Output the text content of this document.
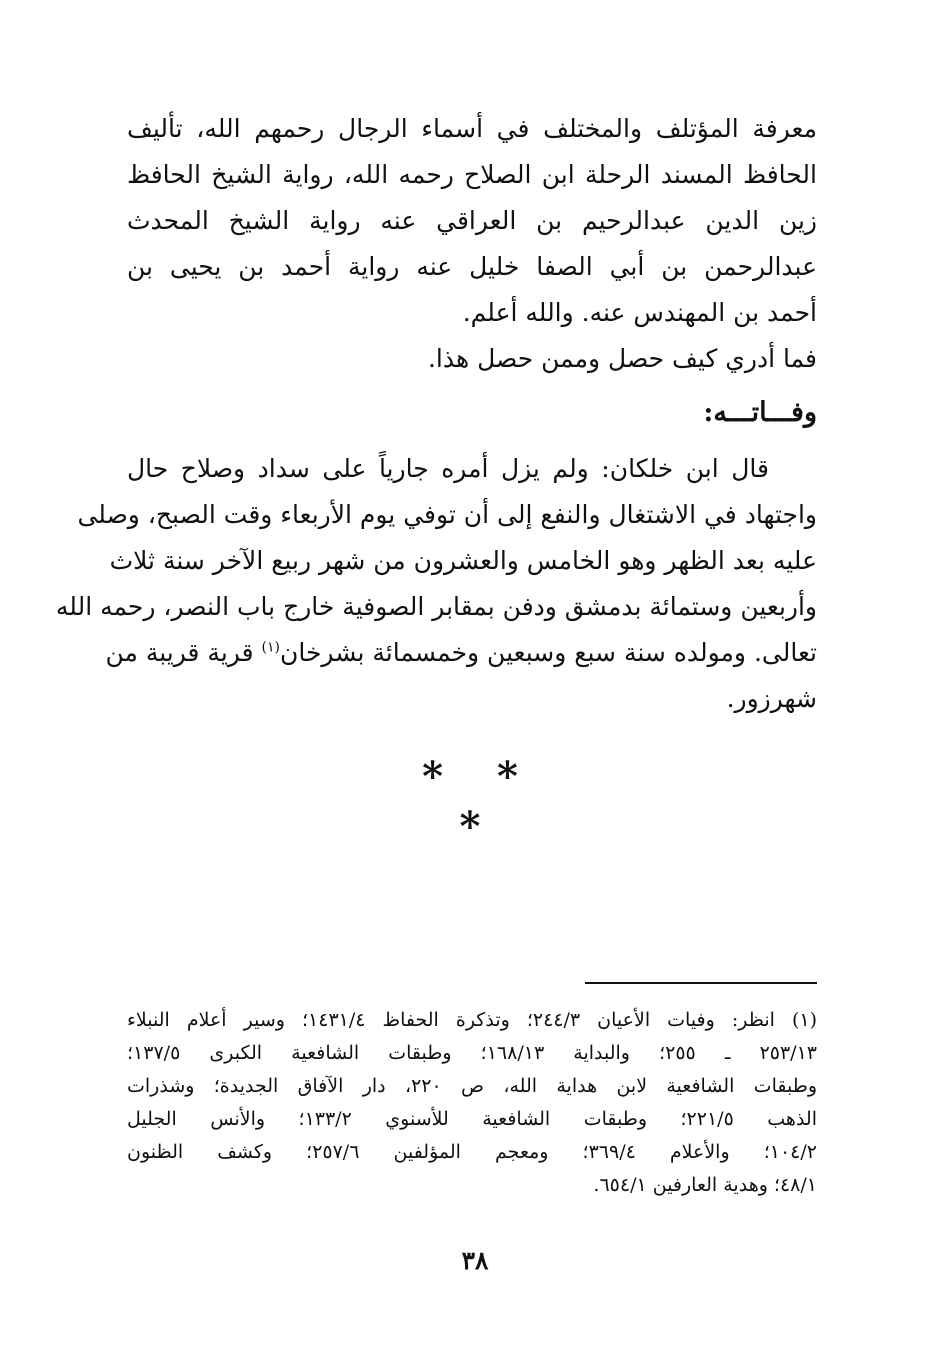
معرفة المؤتلف والمختلف في أسماء الرجال رحمهم الله، تأليف
الحافظ المسند الرحلة ابن الصلاح رحمه الله، رواية الشيخ الحافظ
زين الدين عبدالرحيم بن العراقي عنه رواية الشيخ المحدث
عبدالرحمن بن أبي الصفا خليل عنه رواية أحمد بن يحيى بن
أحمد بن المهندس عنه. والله أعلم.
فما أدري كيف حصل وممن حصل هذا.
وفـــاتـــه:
قال ابن خلكان: ولم يزل أمره جارياً على سداد وصلاح حال
واجتهاد في الاشتغال والنفع إلى أن توفي يوم الأربعاء وقت الصبح، وصلى
عليه بعد الظهر وهو الخامس والعشرون من شهر ربيع الآخر سنة ثلاث
وأربعين وستمائة بدمشق ودفن بمقابر الصوفية خارج باب النصر، رحمه الله
تعالى. ومولده سنة سبع وسبعين وخمسمائة بشرخان$^{(١)}$ قرية قريبة من
شهرزور.
* * *
(١) انظر: وفيات الأعيان ٢٤٤/٣؛ وتذكرة الحفاظ ١٤٣١/٤؛ وسير أعلام النبلاء
٢٥٣/١٣ ـ ٢٥٥؛ والبداية ١٦٨/١٣؛ وطبقات الشافعية الكبرى ١٣٧/٥؛
وطبقات الشافعية لابن هداية الله، ص ٢٢٠، دار الآفاق الجديدة؛ وشذرات
الذهب ٢٢١/٥؛ وطبقات الشافعية للأسنوي ١٣٣/٢؛ والأنس الجليل
١٠٤/٢؛ والأعلام ٣٦٩/٤؛ ومعجم المؤلفين ٢٥٧/٦؛ وكشف الظنون
٤٨/١؛ وهدية العارفين ٦٥٤/١.
٣٨
